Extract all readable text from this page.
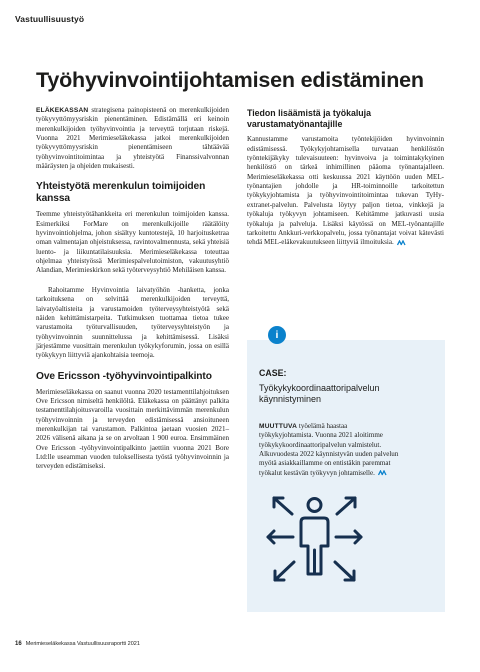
Vastuullisuustyö
Työhyvinvointijohtamisen edistäminen

ELÄKEKASSAN strategisena painopisteenä on merenkulkijoiden työkyvyttömyysriskin pienentäminen. Edistämällä eri keinoin merenkulkijoiden työhyvinvointia ja terveyttä torjutaan riskejä. Vuonna 2021 Merimieseläkekassa jatkoi merenkulkijoiden työkyvyttömyysriskin pienentämiseen tähtäävää työhyvinvointitoimintaa ja yhteistyötä Finanssivalvonnan määräysten ja ohjeiden mukaisesti.

Yhteistyötä merenkulun toimijoiden kanssa

Teemme yhteistyötähankkeita eri merenkulun toimijoiden kanssa. Esimerkiksi ForMare on merenkulkijoille räätälöity hyvinvointiohjelma, johon sisältyy kuntotestejä, 10 harjoitusketraa oman valmentajan ohjeistuksessa, ravintovalmennusta, sekä yhteisiä luento- ja liikuntatilaisuuksia. Merimieseläkekassa toteuttaa ohjelmaa yhteistyössä Merimiespalvelutoimiston, vakuutusyhtiö Alandian, Merimieskirkon sekä työterveysyhtiö Mehiläisen kanssa.

Rahoitamme Hyvinvointia laivatyöhön -hanketta, jonka tarkoituksena on selvittää merenkulkijoiden terveyttä, laivatyöaltisteita ja varustamoiden työterveysyhteistyötä sekä näiden kehittämistarpeita. Tutkimuksen tuottamaa tietoa tukee varustamoita työturvallisuuden, työterveysyhteistyön ja työhyvinvoinnin suunnittelussa ja kehittämisessä. Lisäksi järjestämme vuosittain merenkulun työkykyforumin, jossa on esillä työkykyyn liittyviä ajankohtaisia teemoja.

Ove Ericsson -työhyvinvointipalkinto

Merimieseläkekassa on saanut vuonna 2020 testamenttilahjoituksen Ove Ericsson nimiseltä henkilöltä. Eläkekassa on päättänyt palkita testamenttilahjoitusvaroilla vuosittain merkittävimmän merenkulun työhyvinvoinnin ja terveyden edistämisessä ansioituneen merenkulkijan tai varustamon. Palkintoa jaetaan vuosien 2021–2026 välisenä aikana ja se on arvoltaan 1 900 euroa. Ensimmäinen Ove Ericsson -työhyvinvointipalkinto jaettiin vuonna 2021 Bore Ltd:lle useamman vuoden tuloksellisesta työstä työhyvinvoinnin ja terveyden edistämiseksi.

Tiedon lisäämistä ja työkaluja varustamatyönantajille

Kannustamme varustamoita työntekijöiden hyvinvoinnin edistämisessä. Työkykyjohtamisella turvataan henkilöstön työntekijäkyky tulevaisuuteen: hyvinvoiva ja toimintakykyinen henkilöstö on tärkeä inhimillinen pääoma työnantajalleen. Merimieseläkekassa otti keskuussa 2021 käyttöön uuden MEL-työnantajien johdolle ja HR-toiminnoille tarkoitettun työkykyjohtamista ja työhyvinvointitoimintaa tukevan TyHy-extranet-palvelun. Palvelusta löytyy paljon tietoa, vinkkejä ja työkaluja työkyvyn johtamiseen. Kehitämme jatkuvasti uusia työkaluja ja palveluja. Lisäksi käytössä on MEL-työnantajille tarkoitettu Ankkuri-verkkopalvelu, jossa työnantajat voivat kätevästi tehdä MEL-eläkevakuutukseen liittyviä ilmoituksia.

i
CASE:
Työkykykoordinaattoripalvelun käynnistyminen

MUUTTUVA työelämä haastaa työkykyjohtamista. Vuonna 2021 aloitimme työkykykoordinaattoripalvelun valmistelut. Alkuvuodesta 2022 käynnistyvän uuden palvelun myötä asiakkaillamme on entistäkin paremmat työkalut kestävän työkyvyn johtamiselle.

16 Merimieseläkekassa Vastuullisuusraportti 2021
